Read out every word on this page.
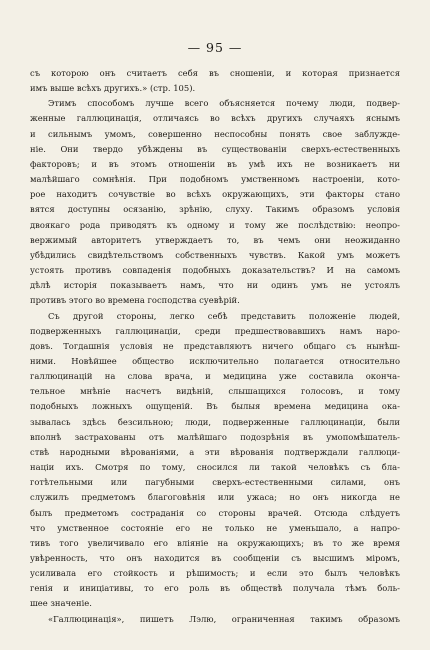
— 95 —
съ которою онъ считаетъ себя въ сношеніи, и которая признается
имъ выше всѣхъ другихъ.» (стр. 105).
Этимъ способомъ лучше всего объясняется почему люди, подвер-
женные галлюцинація, отличаясь во всѣхъ другихъ случаяхъ яснымъ
и сильнымъ умомъ, совершенно неспособны понять свое заблужде-
ніе. Они твердо убѣждены въ существованіи сверхъ-естественныхъ
факторовъ; и въ этомъ отношеніи въ умѣ ихъ не возникаетъ ни
малѣйшаго сомнѣнія. При подобномъ умственномъ настроеніи, кото-
рое находитъ сочувствіе во всѣхъ окружающихъ, эти факторы стано
вятся доступны осязанію, зрѣнію, слуху. Такимъ образомъ условія
двоякаго рода приводятъ къ одному и тому же послѣдствію: неопро-
вержимый авторитетъ утверждаетъ то, въ чемъ они неожиданно
убѣдились свидѣтельствомъ собственныхъ чувствъ. Какой умъ можетъ
устоять противъ совпаденія подобныхъ доказательствъ? И на самомъ
дѣлѣ исторія показываетъ намъ, что ни одинъ умъ не устоялъ
противъ этого во времена господства суевѣрій.
Съ другой стороны, легко себѣ представить положеніе людей,
подверженныхъ галлюцинаціи, среди предшествовавшихъ намъ наро-
довъ. Тогдашнія условія не представляютъ ничего общаго съ нынѣш-
ними. Новѣйшее общество исключительно полагается относительно
галлюцинацій на слова врача, и медицина уже составила оконча-
тельное мнѣніе насчетъ видѣній, слышащихся голосовъ, и тому
подобныхъ ложныхъ ощущеній. Въ былыя времена медицина ока-
зывалась здѣсь безсильною; люди, подверженные галлюцинаціи, были
вполнѣ застрахованы отъ малѣйшаго подозрѣнія въ умопомѣшатель-
ствѣ народными вѣрованіями, а эти вѣрованія подтверждали галлюци-
націи ихъ. Смотря по тому, сносился ли такой человѣкъ съ бла-
готѣтельными или пагубными сверхъ-естественными силами, онъ
служилъ предметомъ благоговѣнія или ужаса; но онъ никогда не
былъ предметомъ состраданія со стороны врачей. Отсюда слѣдуетъ
что умственное состояніе его не только не уменьшало, а напро-
тивъ того увеличивало его вліяніе на окружающихъ; въ то же время
увѣренность, что онъ находится въ сообщеніи съ высшимъ міромъ,
усиливала его стойкость и рѣшимость; и если это былъ человѣкъ
генія и иниціативы, то его роль въ обществѣ получала тѣмъ боль-
шее значеніе.
«Галлюцинація», пишетъ Лэлю, ограниченная такимъ образомъ
